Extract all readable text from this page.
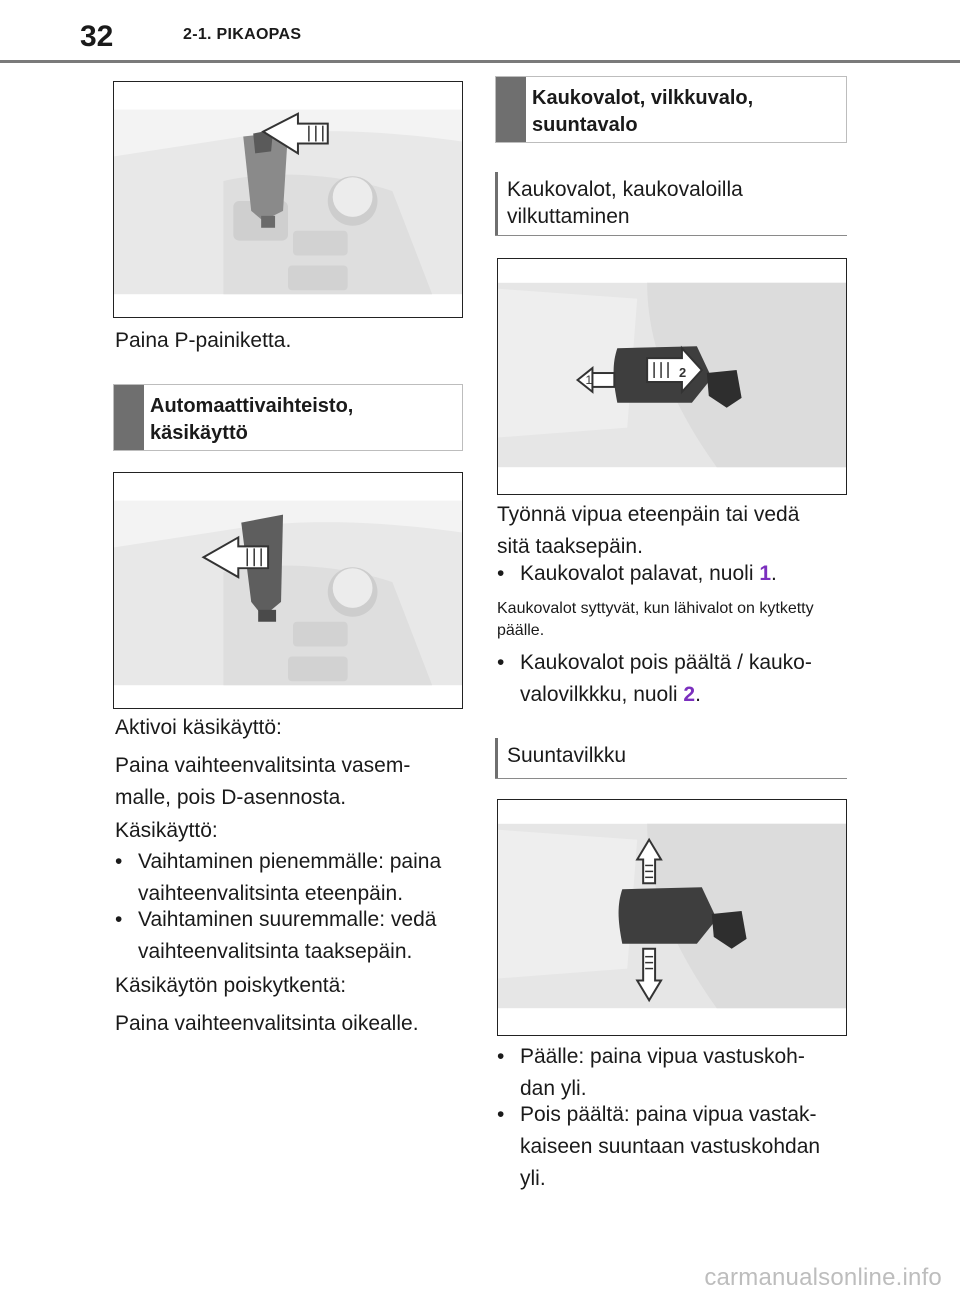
32	2-1. PIKAOPAS

Paina P-painiketta.

Automaattivaihteisto, käsikäyttö

Aktivoi käsikäyttö:

Paina vaihteenvalitsinta vasem-

malle, pois D-asennosta.

Käsikäyttö:

• Vaihtaminen pienemmälle: paina
vaihteenvalitsinta eteenpäin.
• Vaihtaminen suuremmalle: vedä
vaihteenvalitsinta taaksepäin.

Käsikäytön poiskytkentä:

Paina vaihteenvalitsinta oikealle.

Kaukovalot, vilkkuvalo, suuntavalo
Kaukovalot, kaukovaloilla vilkuttaminen
1	2

Työnnä vipua eteenpäin tai vedä

sitä taaksepäin.

• Kaukovalot palavat, nuoli 1.

Kaukovalot syttyvät, kun lähivalot on kytketty päälle.

• Kaukovalot pois päältä / kauko-
valovilkkku, nuoli 2.
Suuntavilkku
• Päälle: paina vipua vastuskoh-
dan yli.
• Pois päältä: paina vipua vastak-
kaiseen suuntaan vastuskohdan
yli.
carmanualsonline.info
